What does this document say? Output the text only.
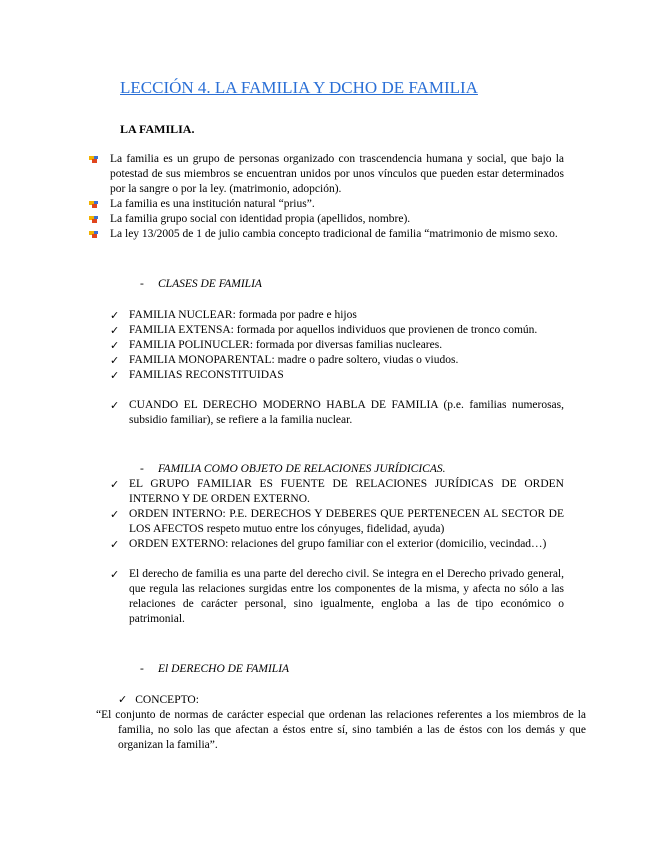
LECCIÓN 4. LA FAMILIA Y DCHO DE FAMILIA
LA FAMILIA.
La familia es un grupo de personas organizado con trascendencia humana y social, que bajo la potestad de sus miembros se encuentran unidos por unos vínculos que pueden estar determinados por la sangre o por la ley. (matrimonio, adopción).
La familia es una institución natural “prius”.
La familia grupo social con identidad propia (apellidos, nombre).
La ley 13/2005 de 1 de julio cambia concepto tradicional de familia “matrimonio de mismo sexo.
- CLASES DE FAMILIA
✓ FAMILIA NUCLEAR: formada por padre e hijos
✓ FAMILIA EXTENSA: formada por aquellos individuos que provienen de tronco común.
✓ FAMILIA POLINUCLER: formada por diversas familias nucleares.
✓ FAMILIA MONOPARENTAL: madre o padre soltero, viudas o viudos.
✓ FAMILIAS RECONSTITUIDAS
✓ CUANDO EL DERECHO MODERNO HABLA DE FAMILIA (p.e. familias numerosas, subsidio familiar), se refiere a la familia nuclear.
- FAMILIA COMO OBJETO DE RELACIONES JURÍDICICAS.
✓ EL GRUPO FAMILIAR ES FUENTE DE RELACIONES JURÍDICAS DE ORDEN INTERNO Y DE ORDEN EXTERNO.
✓ ORDEN INTERNO: P.E. DERECHOS Y DEBERES QUE PERTENECEN AL SECTOR DE LOS AFECTOS respeto mutuo entre los cónyuges, fidelidad, ayuda)
✓ ORDEN EXTERNO: relaciones del grupo familiar con el exterior (domicilio, vecindad…)
✓ El derecho de familia es una parte del derecho civil. Se integra en el Derecho privado general, que regula las relaciones surgidas entre los componentes de la misma, y afecta no sólo a las relaciones de carácter personal, sino igualmente, engloba a las de tipo económico o patrimonial.
- El DERECHO DE FAMILIA
✓ CONCEPTO:
“El conjunto de normas de carácter especial que ordenan las relaciones referentes a los miembros de la familia, no solo las que afectan a éstos entre sí, sino también a las de éstos con los demás y que organizan la familia”.
